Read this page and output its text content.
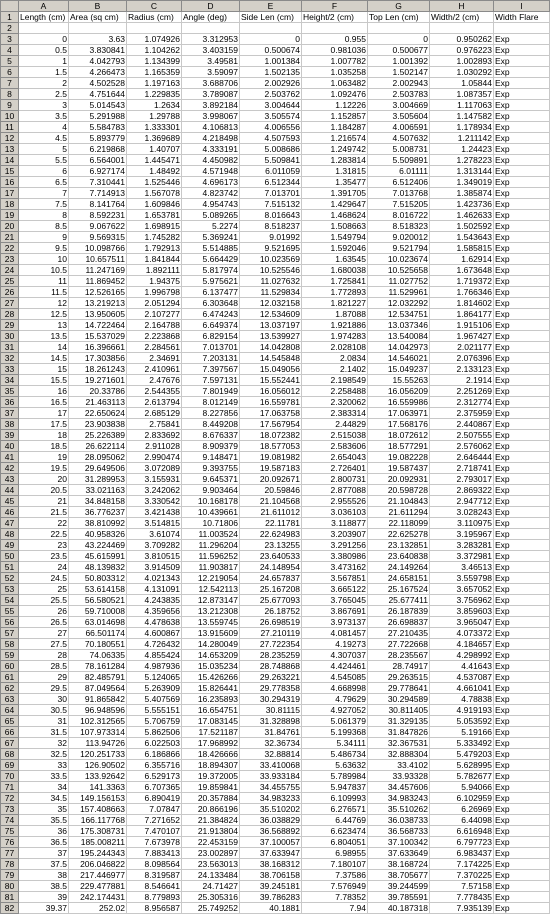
	A	B	C	D	E	F	G	H	I
1	Length (cm)	Area (sq cm)	Radius (cm)	Angle (deg)	Side Len (cm)	Height/2 (cm)	Top Len (cm)	Width/2 (cm)	Width Flare
2									
3	0	3.63	1.074926	3.312953	0	0.955	0	0.950262	Exp
4	0.5	3.830841	1.104262	3.403159	0.500674	0.981036	0.500677	0.976223	Exp
5	1	4.042793	1.134399	3.49581	1.001384	1.007782	1.001392	1.002893	Exp
6	1.5	4.266473	1.165359	3.59097	1.502135	1.035258	1.502147	1.030292	Exp
7	2	4.502528	1.197163	3.688706	2.002926	1.063482	2.002943	1.05844	Exp
8	2.5	4.751644	1.229835	3.789087	2.503762	1.092476	2.503783	1.087357	Exp
9	3	5.014543	1.2634	3.892184	3.004644	1.12226	3.004669	1.117063	Exp
10	3.5	5.291988	1.29788	3.998067	3.505574	1.152857	3.505604	1.147582	Exp
11	4	5.584783	1.333301	4.106813	4.006556	1.184287	4.006591	1.178934	Exp
12	4.5	5.893779	1.369689	4.218498	4.507593	1.216574	4.507632	1.211142	Exp
13	5	6.219868	1.40707	4.333191	5.008686	1.249742	5.008731	1.24423	Exp
14	5.5	6.564001	1.445471	4.450982	5.509841	1.283814	5.509891	1.278223	Exp
15	6	6.927174	1.48492	4.571948	6.011059	1.31815	6.01111	1.313144	Exp
16	6.5	7.310441	1.525446	4.696173	6.512344	1.35477	6.512406	1.349019	Exp
17	7	7.714913	1.567078	4.823742	7.013701	1.391705	7.013768	1.385874	Exp
18	7.5	8.141764	1.609846	4.954743	7.515132	1.429647	7.515205	1.423736	Exp
19	8	8.592231	1.653781	5.089265	8.016643	1.468624	8.016722	1.462633	Exp
20	8.5	9.067622	1.698915	5.2274	8.518237	1.508663	8.518323	1.502592	Exp
21	9	9.569315	1.745282	5.369241	9.01992	1.549794	9.020012	1.543643	Exp
22	9.5	10.098766	1.792913	5.514885	9.521695	1.592046	9.521794	1.585815	Exp
23	10	10.657511	1.841844	5.664429	10.023569	1.63545	10.023674	1.62914	Exp
24	10.5	11.247169	1.892111	5.817974	10.525546	1.680038	10.525658	1.673648	Exp
25	11	11.869452	1.94375	5.975621	11.027632	1.725841	11.027752	1.719372	Exp
26	11.5	12.526165	1.996798	6.137477	11.529834	1.772893	11.529961	1.766346	Exp
27	12	13.219213	2.051294	6.303648	12.032158	1.821227	12.032292	1.814602	Exp
28	12.5	13.950605	2.107277	6.474243	12.534609	1.87088	12.534751	1.864177	Exp
29	13	14.722464	2.164788	6.649374	13.037197	1.921886	13.037346	1.915106	Exp
30	13.5	15.537029	2.223868	6.829154	13.539927	1.974283	13.540084	1.967427	Exp
31	14	16.396661	2.284561	7.013701	14.042808	2.028108	14.042973	2.021177	Exp
32	14.5	17.303856	2.34691	7.203131	14.545848	2.0834	14.546021	2.076396	Exp
33	15	18.261243	2.410961	7.397567	15.049056	2.1402	15.049237	2.133123	Exp
34	15.5	19.271601	2.47676	7.597131	15.552441	2.198549	15.55263	2.1914	Exp
35	16	20.33786	2.544355	7.801949	16.056012	2.258488	16.056209	2.251269	Exp
36	16.5	21.463113	2.613794	8.012149	16.559781	2.320062	16.559986	2.312774	Exp
37	17	22.650624	2.685129	8.227856	17.063758	2.383314	17.063971	2.375959	Exp
38	17.5	23.903838	2.75841	8.449208	17.567954	2.44829	17.568176	2.440867	Exp
39	18	25.226389	2.833692	8.676337	18.072382	2.515038	18.072612	2.507555	Exp
40	18.5	26.622114	2.911028	8.909379	18.577053	2.583606	18.577291	2.576062	Exp
41	19	28.095062	2.990474	9.148471	19.081982	2.654043	19.082228	2.646444	Exp
42	19.5	29.649506	3.072089	9.393755	19.587183	2.726401	19.587437	2.718741	Exp
43	20	31.289953	3.155931	9.645371	20.092671	2.800731	20.092931	2.793017	Exp
44	20.5	33.021163	3.242062	9.903464	20.59846	2.877088	20.598728	2.869322	Exp
45	21	34.848158	3.330542	10.168178	21.104568	2.955526	21.104843	2.947712	Exp
46	21.5	36.776237	3.421438	10.439661	21.611012	3.036103	21.611294	3.028243	Exp
47	22	38.810992	3.514815	10.71806	22.11781	3.118877	22.118099	3.110975	Exp
48	22.5	40.958326	3.61074	11.003524	22.624983	3.203907	22.625278	3.195967	Exp
49	23	43.224469	3.709282	11.296204	23.13255	3.291256	23.132851	3.283281	Exp
50	23.5	45.615991	3.810515	11.596252	23.640533	3.380986	23.640838	3.372981	Exp
51	24	48.139832	3.914509	11.903817	24.148954	3.473162	24.149264	3.46513	Exp
52	24.5	50.803312	4.021343	12.219054	24.657837	3.567851	24.658151	3.559798	Exp
53	25	53.614158	4.131091	12.542113	25.167208	3.665122	25.167524	3.657052	Exp
54	25.5	56.580521	4.243835	12.873147	25.677093	3.765045	25.677411	3.756962	Exp
55	26	59.710008	4.359656	13.212308	26.18752	3.867691	26.187839	3.859603	Exp
56	26.5	63.014698	4.478638	13.559745	26.698519	3.973137	26.698837	3.965047	Exp
57	27	66.501174	4.600867	13.915609	27.210119	4.081457	27.210435	4.073372	Exp
58	27.5	70.180551	4.726432	14.280049	27.722354	4.19273	27.722668	4.184657	Exp
59	28	74.06335	4.855424	14.653209	28.235259	4.307037	28.235567	4.298992	Exp
60	28.5	78.161284	4.987936	15.035234	28.748868	4.424461	28.74917	4.41643	Exp
61	29	82.485791	5.124065	15.426266	29.263221	4.545085	29.263515	4.537087	Exp
62	29.5	87.049564	5.263909	15.826441	29.778358	4.668998	29.778641	4.661041	Exp
63	30	91.865842	5.407569	16.235893	30.294319	4.79629	30.294589	4.78838	Exp
64	30.5	96.948596	5.555151	16.654751	30.81115	4.927052	30.811405	4.919193	Exp
65	31	102.312565	5.706759	17.083145	31.328898	5.061379	31.329135	5.053592	Exp
66	31.5	107.973314	5.862506	17.521187	31.84761	5.199368	31.847826	5.19166	Exp
67	32	113.94726	6.022503	17.968992	32.36734	5.34111	32.367531	5.333492	Exp
68	32.5	120.251733	6.186866	18.426666	32.88814	5.486734	32.888304	5.479203	Exp
69	33	126.90502	6.355716	18.894307	33.410068	5.63632	33.4102	5.628995	Exp
70	33.5	133.92642	6.529173	19.372005	33.933184	5.789984	33.93328	5.782677	Exp
71	34	141.3363	6.707365	19.859841	34.455755	5.947837	34.457606	5.94066	Exp
72	34.5	149.156153	6.890419	20.357884	34.983233	6.109993	34.983243	6.102959	Exp
73	35	157.408663	7.07847	20.866196	35.510202	6.276571	35.510262	6.26969	Exp
74	35.5	166.117768	7.271652	21.384824	36.038829	6.44769	36.038733	6.44098	Exp
75	36	175.308731	7.470107	21.913804	36.568892	6.623474	36.568733	6.616948	Exp
76	36.5	185.008211	7.673978	22.453159	37.100057	6.804051	37.100342	6.797723	Exp
77	37	195.244343	7.883413	23.002897	37.633947	6.98955	37.633649	6.983437	Exp
78	37.5	206.046822	8.098564	23.563013	38.168312	7.180107	38.168724	7.174225	Exp
79	38	217.446977	8.319587	24.133484	38.706158	7.37586	38.705677	7.370225	Exp
80	38.5	229.477881	8.546641	24.71427	39.245181	7.576949	39.244599	7.57158	Exp
81	39	242.174431	8.779893	25.305316	39.786283	7.78352	39.785591	7.778435	Exp
82	39.37	252.02	8.956587	25.749252	40.1881	7.94	40.187318	7.935139	Exp
